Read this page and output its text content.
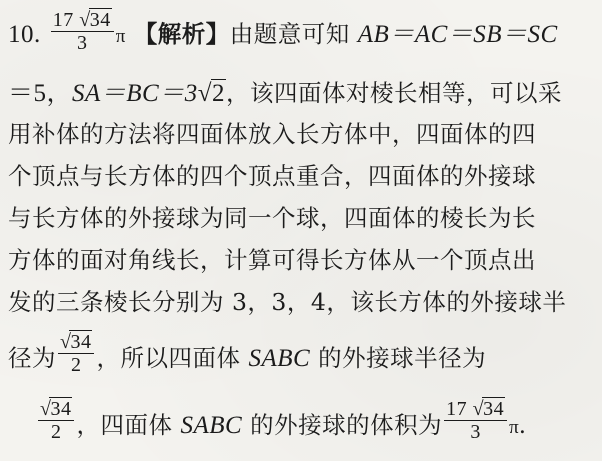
10. $\frac{17 √34}{3}$ π 【解析】由题意可知 AB＝AC＝SB＝SC
＝5，SA＝BC＝3√2，该四面体对棱长相等，可以采
用补体的方法将四面体放入长方体中，四面体的四
个顶点与长方体的四个顶点重合，四面体的外接球
与长方体的外接球为同一个球，四面体的棱长为长
方体的面对角线长，计算可得长方体从一个顶点出
发的三条棱长分别为 3，3，4，该长方体的外接球半
径为 $\frac{√34}{2}$ ，所以四面体 SABC 的外接球半径为
$\frac{√34}{2}$ ，四面体 SABC 的外接球的体积为 $\frac{17 √34}{3} \pi$.
